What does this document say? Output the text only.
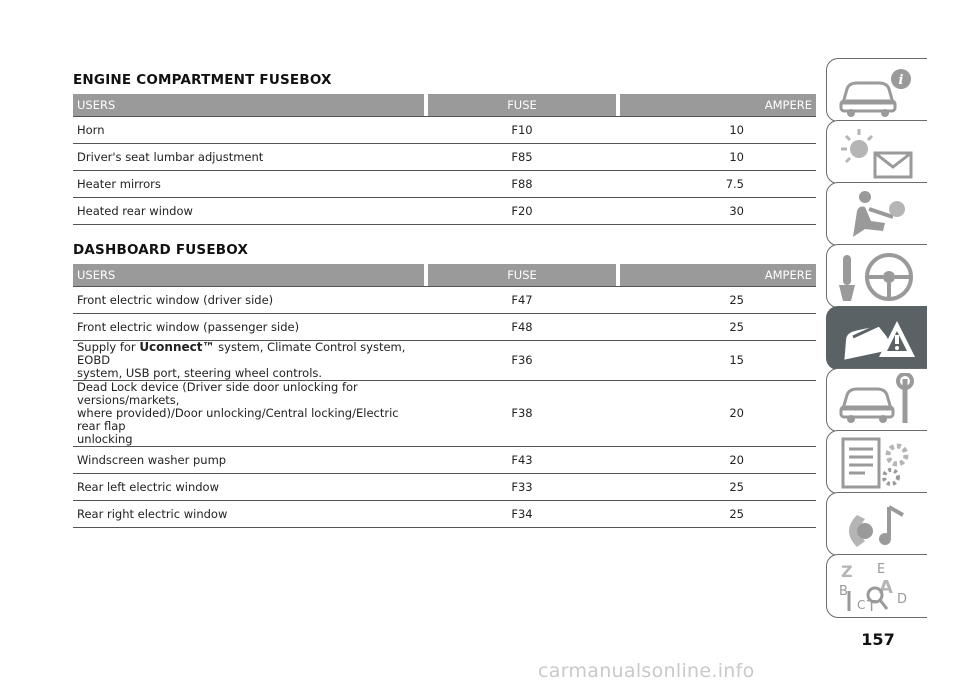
ENGINE COMPARTMENT FUSEBOX
USERS		FUSE		AMPERE
Horn		F10		10
Driver's seat lumbar adjustment		F85		10
Heater mirrors		F88		7.5
Heated rear window		F20		30
DASHBOARD FUSEBOX
USERS		FUSE		AMPERE
Front electric window (driver side)		F47		25
Front electric window (passenger side)		F48		25
Supply for Uconnect™ system, Climate Control system, EOBD
system, USB port, steering wheel controls.		F36		15
Dead Lock device (Driver side door unlocking for versions/markets,
where provided)/Door unlocking/Central locking/Electric rear flap
unlocking		F38		20
Windscreen washer pump		F43		20
Rear left electric window		F33		25
Rear right electric window		F34		25
i
Z E
B A
C T D
157
carmanualsonline.info
